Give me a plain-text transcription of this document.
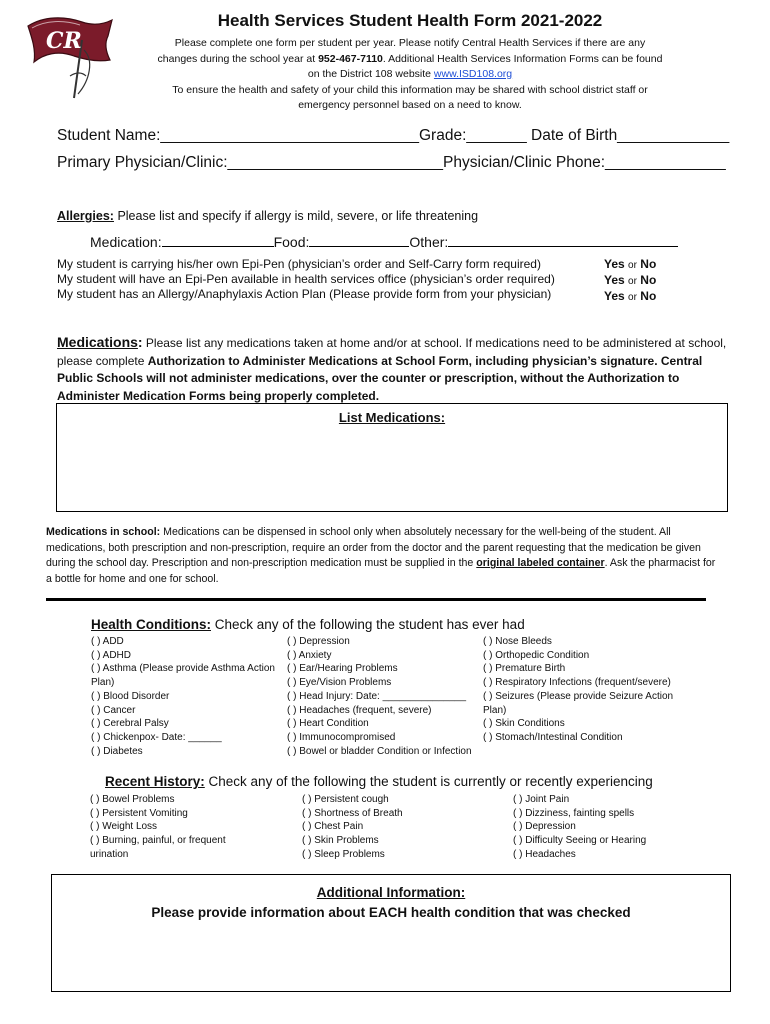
CR
Health Services Student Health Form 2021-2022
Please complete one form per student per year. Please notify Central Health Services if there are any
changes during the school year at 952-467-7110. Additional Health Services Information Forms can be found
on the District 108 website www.ISD108.org
To ensure the health and safety of your child this information may be shared with school district staff or
emergency personnel based on a need to know.
Student Name:______________________________Grade:_______ Date of Birth_____________
Primary Physician/Clinic:_________________________Physician/Clinic Phone:______________
Allergies: Please list and specify if allergy is mild, severe, or life threatening
Medication:	Food:	Other:
My student is carrying his/her own Epi-Pen (physician’s order and Self-Carry form required)
My student will have an Epi-Pen available in health services office (physician’s order required)
My student has an Allergy/Anaphylaxis Action Plan (Please provide form from your physician)
Yes or No
Yes or No
Yes or No
Medications: Please list any medications taken at home and/or at school. If medications need to be administered at school, please complete Authorization to Administer Medications at School Form, including physician’s signature. Central Public Schools will not administer medications, over the counter or prescription, without the Authorization to Administer Medication Forms being properly completed.
List Medications:
Medications in school: Medications can be dispensed in school only when absolutely necessary for the well-being of the student. All medications, both prescription and non-prescription, require an order from the doctor and the parent requesting that the medication be given during the school day. Prescription and non-prescription medication must be supplied in the original labeled container. Ask the pharmacist for a bottle for home and one for school.
Health Conditions: Check any of the following the student has ever had
( ) ADD
( ) ADHD
( ) Asthma (Please provide Asthma Action
Plan)
( ) Blood Disorder
( ) Cancer
( ) Cerebral Palsy
( ) Chickenpox- Date: ______
( ) Diabetes
( ) Depression
( ) Anxiety
( ) Ear/Hearing Problems
( ) Eye/Vision Problems
( ) Head Injury: Date: _______________
( ) Headaches (frequent, severe)
( ) Heart Condition
( ) Immunocompromised
( ) Bowel or bladder Condition or Infection
( ) Nose Bleeds
( ) Orthopedic Condition
( ) Premature Birth
( ) Respiratory Infections (frequent/severe)
( ) Seizures (Please provide Seizure Action
Plan)
( ) Skin Conditions
( ) Stomach/Intestinal Condition
Recent History: Check any of the following the student is currently or recently experiencing
( ) Bowel Problems
( ) Persistent Vomiting
( ) Weight Loss
( ) Burning, painful, or frequent
urination
( ) Persistent cough
( ) Shortness of Breath
( ) Chest Pain
( ) Skin Problems
( ) Sleep Problems
( ) Joint Pain
( ) Dizziness, fainting spells
( ) Depression
( ) Difficulty Seeing or Hearing
( ) Headaches
Additional Information:
Please provide information about EACH health condition that was checked
